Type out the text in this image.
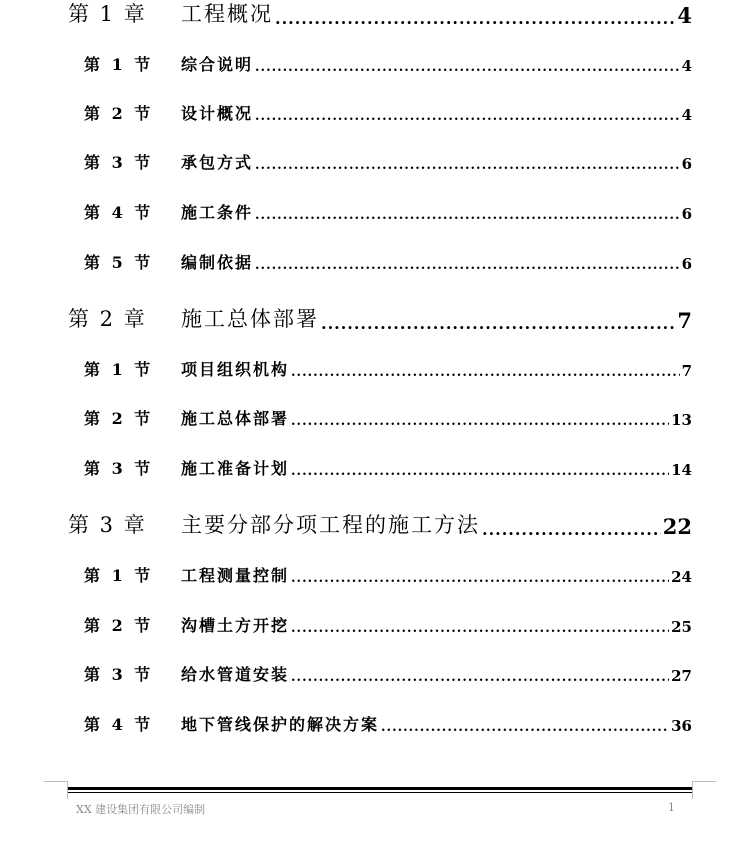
第 1 章 工程概况 .....	4
第 1 节 综合说明 .....	4
第 2 节 设计概况 .....	4
第 3 节 承包方式 .....	6
第 4 节 施工条件 .....	6
第 5 节 编制依据 .....	6
第 2 章 施工总体部署 .....	7
第 1 节 项目组织机构 .....	7
第 2 节 施工总体部署 .....	13
第 3 节 施工准备计划 .....	14
第 3 章 主要分部分项工程的施工方法 .....	22
第 1 节 工程测量控制 .....	24
第 2 节 沟槽土方开挖 .....	25
第 3 节 给水管道安装 .....	27
第 4 节 地下管线保护的解决方案 .....	36
XX 建设集团有限公司编制	1
